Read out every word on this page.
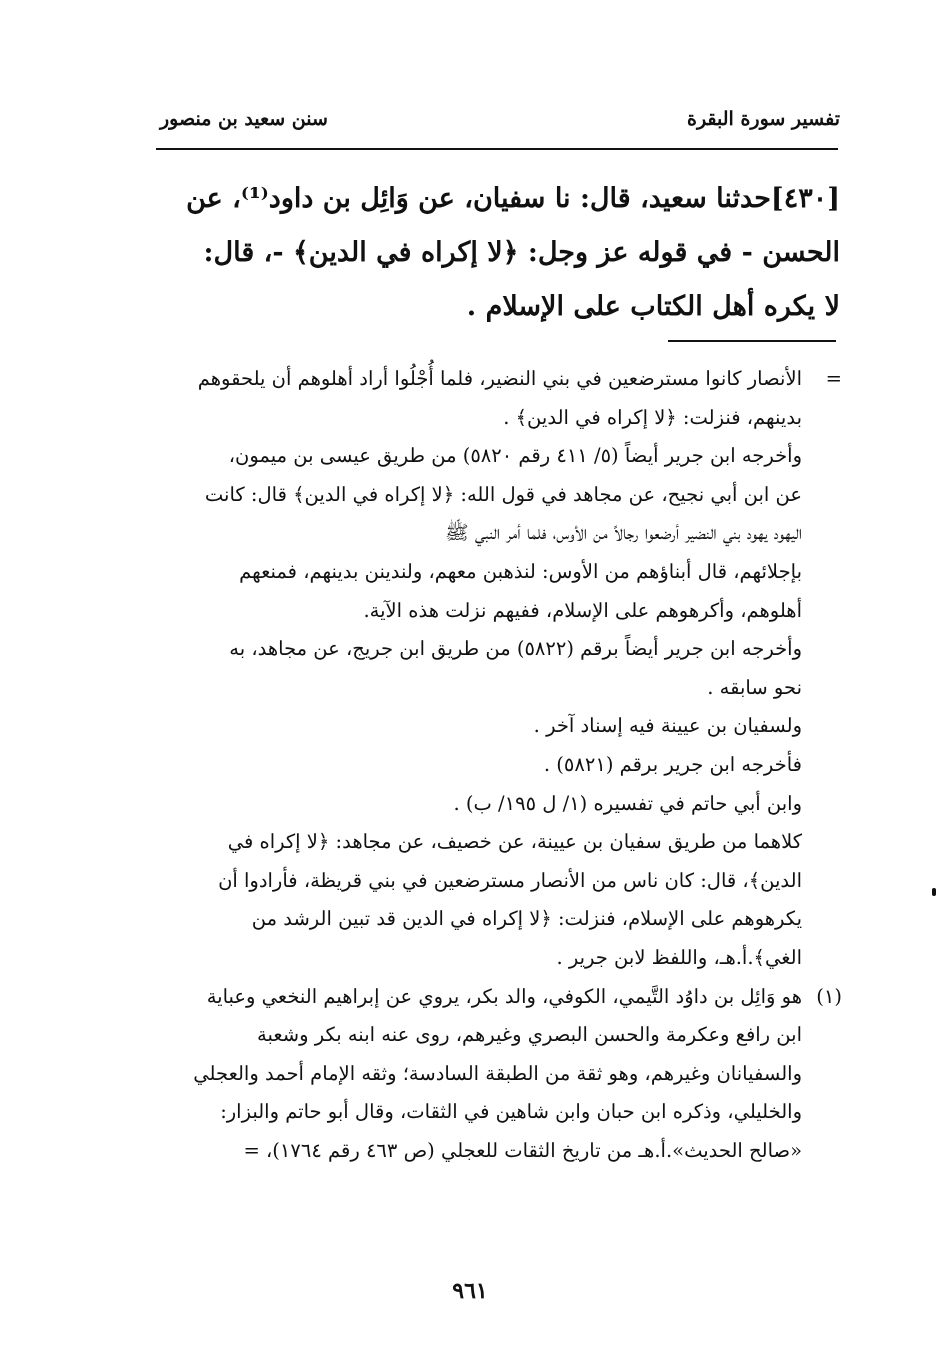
تفسير سورة البقرة
سنن سعيد بن منصور

[٤٣٠]حدثنا سعيد، قال: نا سفيان، عن وَائِل بن داود⁽¹⁾، عن

الحسن - في قوله عز وجل: ﴿لا إكراه في الدين﴾ -، قال:

لا يكره أهل الكتاب على الإسلام .

=

الأنصار كانوا مسترضعين في بني النضير، فلما أُجْلُوا أراد أهلوهم أن يلحقوهم

بدينهم، فنزلت: ﴿لا إكراه في الدين﴾ .

وأخرجه ابن جرير أيضاً (٥/ ٤١١ رقم ٥٨٢٠) من طريق عيسى بن ميمون،

عن ابن أبي نجيح، عن مجاهد في قول الله: ﴿لا إكراه في الدين﴾ قال: كانت

اليهود يهود بني النضير أرضعوا رجالاً من الأوس، فلما أمر النبي ﷺ

بإجلائهم، قال أبناؤهم من الأوس: لنذهبن معهم، ولندينن بدينهم، فمنعهم

أهلوهم، وأكرهوهم على الإسلام، ففيهم نزلت هذه الآية.

وأخرجه ابن جرير أيضاً برقم (٥٨٢٢) من طريق ابن جريج، عن مجاهد، به

نحو سابقه .

ولسفيان بن عيينة فيه إسناد آخر .

فأخرجه ابن جرير برقم (٥٨٢١) .

وابن أبي حاتم في تفسيره (١/ ل ١٩٥/ ب) .

كلاهما من طريق سفيان بن عيينة، عن خصيف، عن مجاهد: ﴿لا إكراه في

الدين﴾، قال: كان ناس من الأنصار مسترضعين في بني قريظة، فأرادوا أن

يكرهوهم على الإسلام، فنزلت: ﴿لا إكراه في الدين قد تبين الرشد من

الغي﴾.أ.هـ، واللفظ لابن جرير .

(١)

هو وَائِل بن داوُد التَّيمي، الكوفي، والد بكر، يروي عن إبراهيم النخعي وعباية

ابن رافع وعكرمة والحسن البصري وغيرهم، روى عنه ابنه بكر وشعبة

والسفيانان وغيرهم، وهو ثقة من الطبقة السادسة؛ وثقه الإمام أحمد والعجلي

والخليلي، وذكره ابن حبان وابن شاهين في الثقات، وقال أبو حاتم والبزار:

«صالح الحديث».أ.هـ من تاريخ الثقات للعجلي (ص ٤٦٣ رقم ١٧٦٤)، =

٩٦١
